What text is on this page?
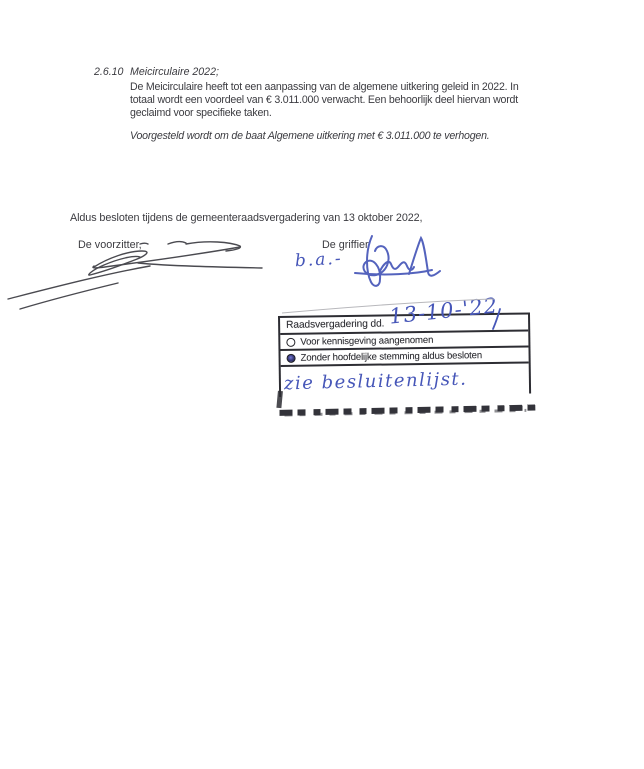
2.6.10 Meicirculaire 2022;
De Meicirculaire heeft tot een aanpassing van de algemene uitkering geleid in 2022. In
totaal wordt een voordeel van € 3.011.000 verwacht. Een behoorlijk deel hiervan wordt
geclaimd voor specifieke taken.
Voorgesteld wordt om de baat Algemene uitkering met € 3.011.000 te verhogen.
Aldus besloten tijdens de gemeenteraadsvergadering van 13 oktober 2022,
De voorzitter,	De griffier
b.a.-
Raadsvergadering dd.
Voor kennisgeving aangenomen
Zonder hoofdelijke stemming aldus besloten
13-10-'22
zie besluitenlijst.
